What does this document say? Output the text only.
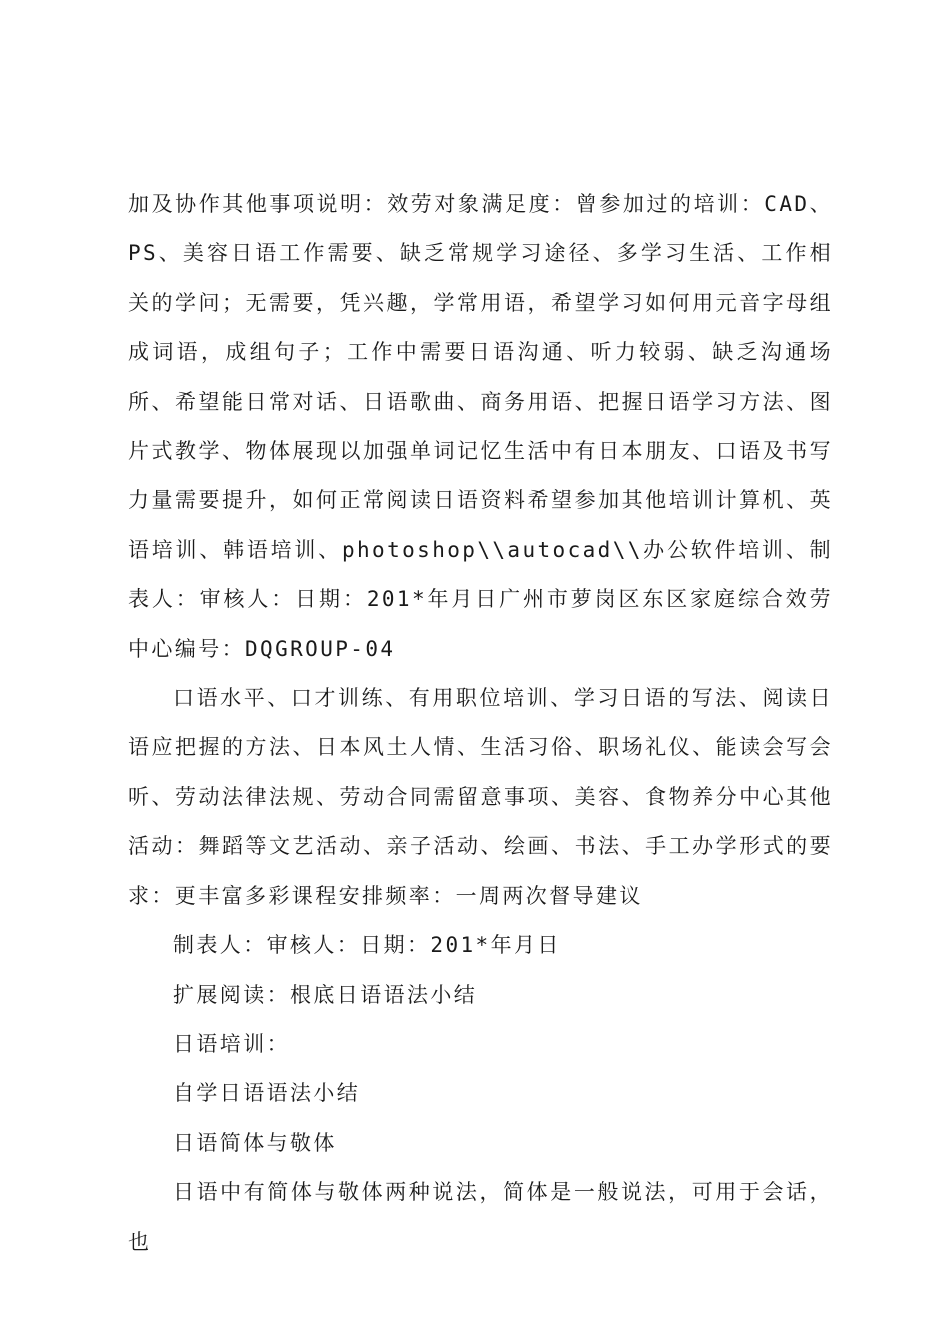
加及协作其他事项说明：效劳对象满足度：曾参加过的培训：CAD、PS、美容日语工作需要、缺乏常规学习途径、多学习生活、工作相关的学问；无需要，凭兴趣，学常用语，希望学习如何用元音字母组成词语，成组句子；工作中需要日语沟通、听力较弱、缺乏沟通场所、希望能日常对话、日语歌曲、商务用语、把握日语学习方法、图片式教学、物体展现以加强单词记忆生活中有日本朋友、口语及书写力量需要提升，如何正常阅读日语资料希望参加其他培训计算机、英语培训、韩语培训、photoshop\\autocad\\办公软件培训、制表人：审核人：日期：201*年月日广州市萝岗区东区家庭综合效劳中心编号：DQGROUP-04

口语水平、口才训练、有用职位培训、学习日语的写法、阅读日语应把握的方法、日本风土人情、生活习俗、职场礼仪、能读会写会听、劳动法律法规、劳动合同需留意事项、美容、食物养分中心其他活动：舞蹈等文艺活动、亲子活动、绘画、书法、手工办学形式的要求：更丰富多彩课程安排频率：一周两次督导建议

制表人：审核人：日期：201*年月日

扩展阅读：根底日语语法小结

日语培训：

自学日语语法小结

日语简体与敬体

日语中有简体与敬体两种说法，简体是一般说法，可用于会话，也
